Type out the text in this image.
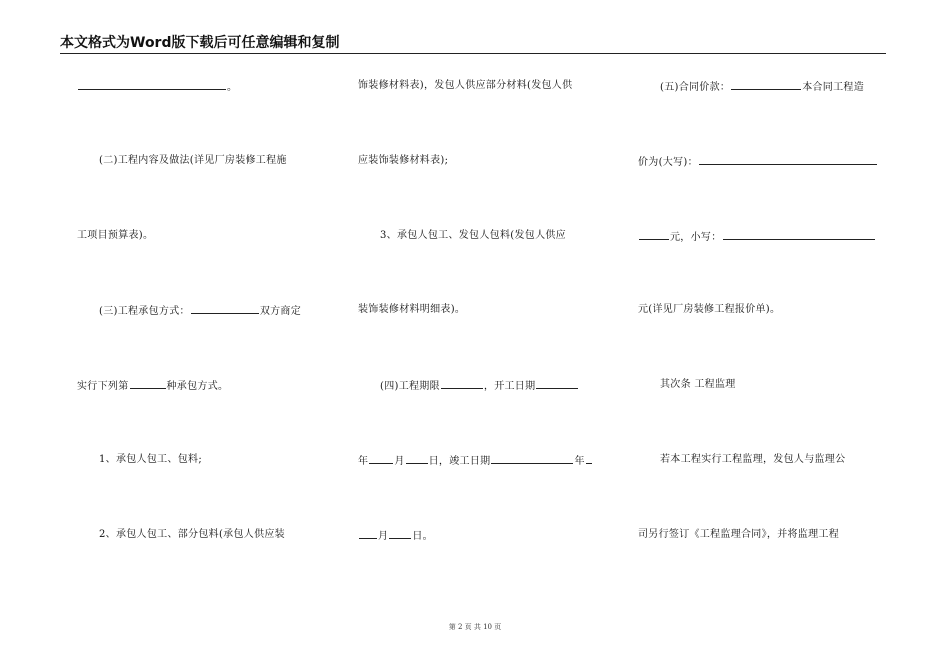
本文格式为Word版下载后可任意编辑和复制
。
(二)工程内容及做法(详见厂房装修工程施
工项目预算表)。
(三)工程承包方式：	双方商定
实行下列第	种承包方式。
1、承包人包工、包料;
2、承包人包工、部分包料(承包人供应装
饰装修材料表)，发包人供应部分材料(发包人供
应装饰装修材料表);
3、承包人包工、发包人包料(发包人供应
装饰装修材料明细表)。
(四)工程期限	，开工日期
年	月 日，竣工日期	年
月 日。
(五)合同价款：	本合同工程造
价为(大写)：
元，小写：
元(详见厂房装修工程报价单)。
其次条 工程监理
若本工程实行工程监理，发包人与监理公
司另行签订《工程监理合同》，并将监理工程
第 2 页 共 10 页
